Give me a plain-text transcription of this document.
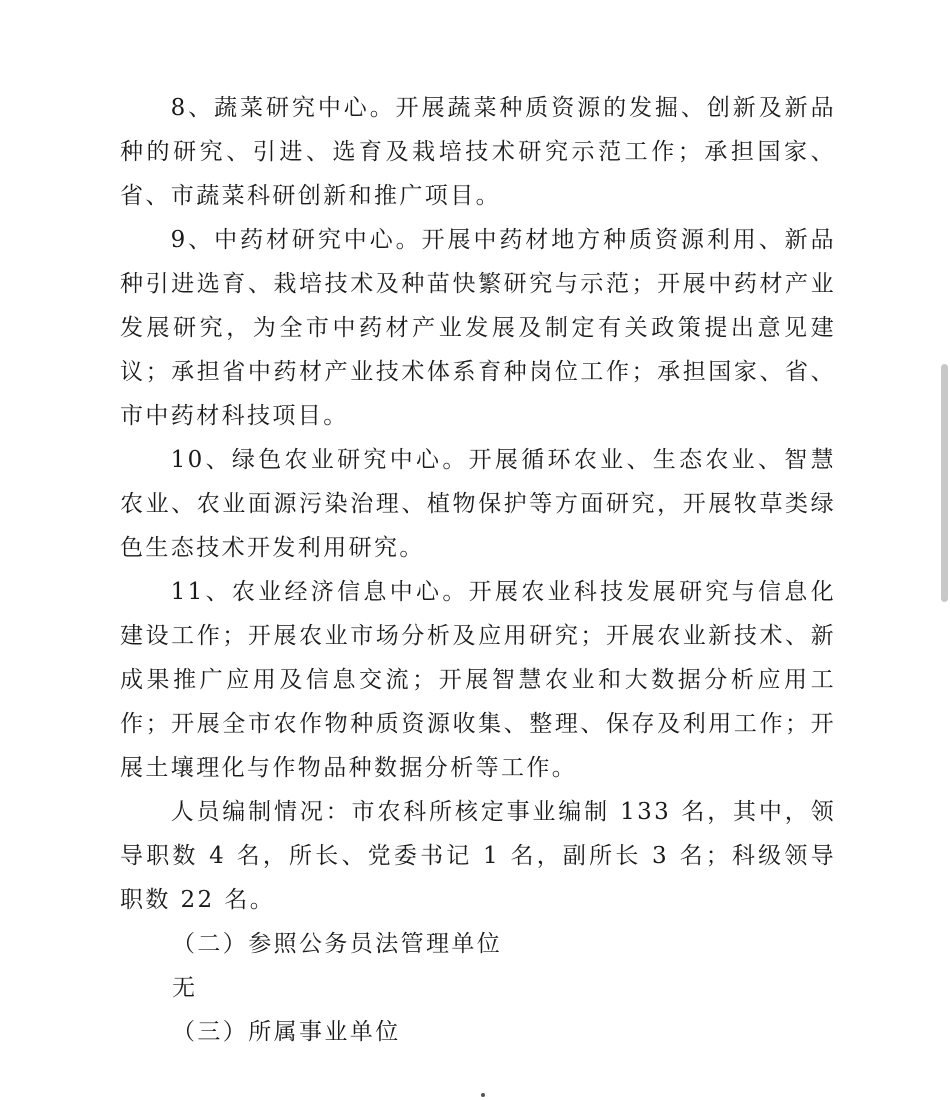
8、蔬菜研究中心。开展蔬菜种质资源的发掘、创新及新品种的研究、引进、选育及栽培技术研究示范工作；承担国家、省、市蔬菜科研创新和推广项目。

9、中药材研究中心。开展中药材地方种质资源利用、新品种引进选育、栽培技术及种苗快繁研究与示范；开展中药材产业发展研究，为全市中药材产业发展及制定有关政策提出意见建议；承担省中药材产业技术体系育种岗位工作；承担国家、省、市中药材科技项目。

10、绿色农业研究中心。开展循环农业、生态农业、智慧农业、农业面源污染治理、植物保护等方面研究，开展牧草类绿色生态技术开发利用研究。

11、农业经济信息中心。开展农业科技发展研究与信息化建设工作；开展农业市场分析及应用研究；开展农业新技术、新成果推广应用及信息交流；开展智慧农业和大数据分析应用工作；开展全市农作物种质资源收集、整理、保存及利用工作；开展土壤理化与作物品种数据分析等工作。

人员编制情况：市农科所核定事业编制 133 名，其中，领导职数 4 名，所长、党委书记 1 名，副所长 3 名；科级领导职数 22 名。

（二）参照公务员法管理单位

无

（三）所属事业单位
